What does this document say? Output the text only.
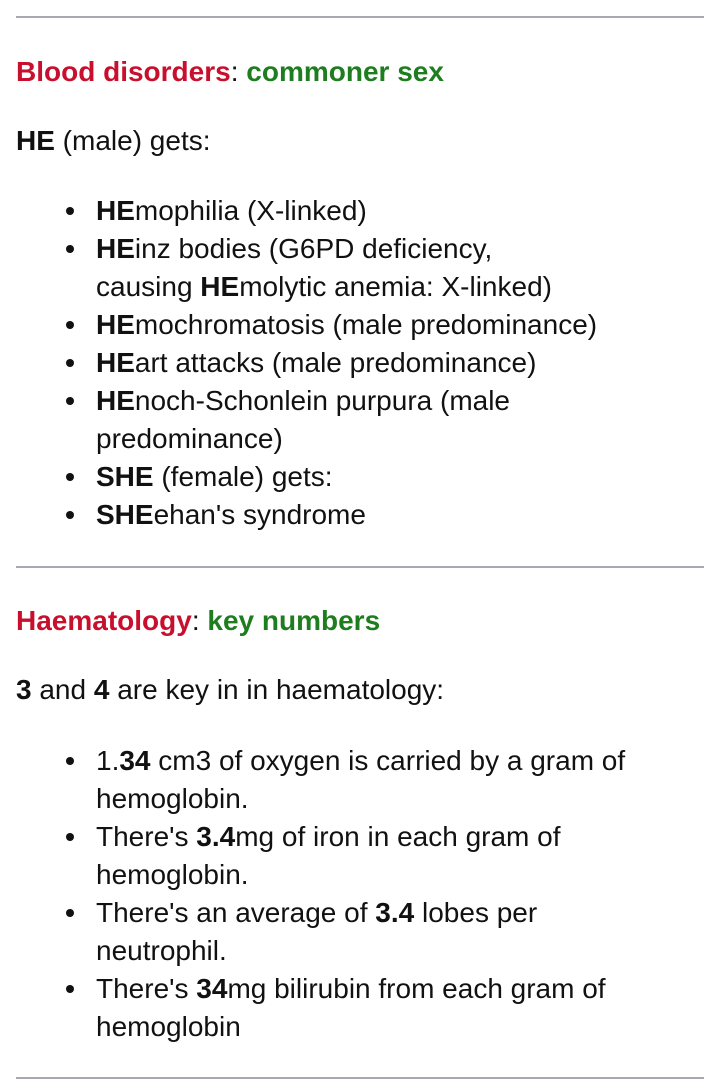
Blood disorders: commoner sex

HE (male) gets:

HEmophilia (X-linked)
HEinz bodies (G6PD deficiency, causing HEmolytic anemia: X-linked)
HEmochromatosis (male predominance)
HEart attacks (male predominance)
HEnoch-Schonlein purpura (male predominance)
SHE (female) gets:
SHEehan's syndrome
Haematology: key numbers

3 and 4 are key in in haematology:

1.34 cm3 of oxygen is carried by a gram of hemoglobin.
There's 3.4mg of iron in each gram of hemoglobin.
There's an average of 3.4 lobes per neutrophil.
There's 34mg bilirubin from each gram of hemoglobin
